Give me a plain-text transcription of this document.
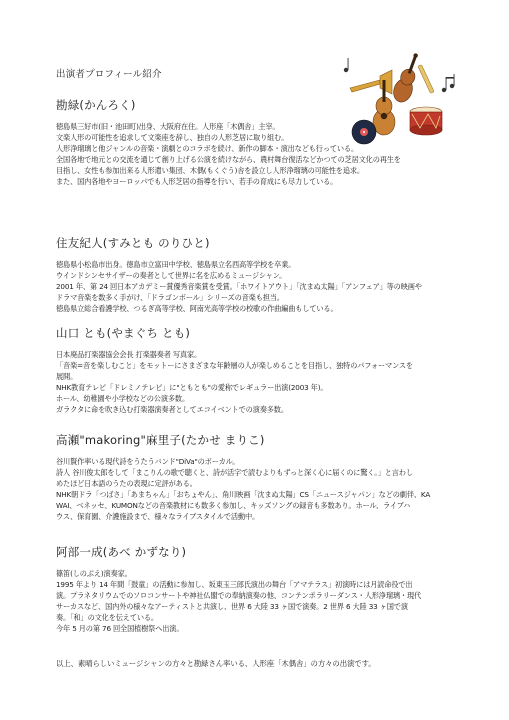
出演者プロフィール紹介
勘緑(かんろく)
徳島県三好市(旧・池田町)出身、大阪府在住。人形座「木偶舎」主宰。
文楽人形の可能性を追求して文楽座を辞し、独自の人形芝居に取り組む。
人形浄瑠璃と他ジャンルの音楽・演劇とのコラボを続け、新作の脚本・演出なども行っている。
全国各地で地元との交流を通じて創り上げる公演を続けながら、農村舞台復活などかつての芝居文化の再生を
目指し、女性も参加出来る人形遣い集団、木偶(もくぐう)舎を設立し人形浄瑠璃の可能性を追求。
また、国内各地やヨーロッパでも人形芝居の指導を行い、若手の育成にも尽力している。
住友紀人(すみとも のりひと)
徳島県小松島市出身。徳島市立富田中学校、徳島県立名西高等学校を卒業。
ウインドシンセサイザーの奏者として世界に名を広めるミュージシャン。
2001 年、第 24 回日本アカデミー賞優秀音楽賞を受賞。「ホワイトアウト」「沈まぬ太陽」「アンフェア」等の映画や
ドラマ音楽を数多く手がけ、「ドラゴンボール」シリーズの音楽も担当。
徳島県立総合看護学校、つるぎ高等学校、阿南光高等学校の校歌の作曲編曲もしている。
山口 とも(やまぐち とも)
日本廃品打楽器協会会長 打楽器奏者 写真家。
「音楽=音を楽しむこと」をモットーにさまざまな年齢層の人が楽しめることを目指し、独特のパフォーマンスを
展開。
NHK教育テレビ「ドレミノテレビ」に"ともとも"の愛称でレギュラー出演(2003 年)。
ホール、幼稚園や小学校などの公演多数。
ガラクタに命を吹き込む打楽器演奏者としてエコイベントでの演奏多数。
高瀬"makoring"麻里子(たかせ まりこ)
谷川賢作率いる現代詩をうたうバンド"DiVa"のボーカル。
詩人 谷川俊太郎をして「まこりんの歌で聴くと、詩が活字で読むよりもずっと深く心に届くのに驚く。」と言わし
めたほど日本語のうたの表現に定評がある。
NHK朝ドラ「つばさ」「あまちゃん」「おちょやん」、角川映画「沈まぬ太陽」CS「ニュースジャパン」などの劇伴、KA
WAI、ベネッセ、KUMONなどの音楽教材にも数多く参加し、キッズソングの録音も多数あり。ホール、ライブハ
ウス、保育園、介護施設まで、様々なライブスタイルで活動中。
阿部一成(あべ かずなり)
篠笛(しのぶえ)演奏家。
1995 年より 14 年間「鼓童」の活動に参加し、坂東玉三郎氏演出の舞台「アマテラス」初演時には月読命役で出
演。プラネタリウムでのソロコンサートや神社仏閣での奉納演奏の他、コンテンポラリーダンス・人形浄瑠璃・現代
サーカスなど、国内外の様々なアーティストと共演し、世界 6 大陸 33 ヶ国で演奏。2 世界 6 大陸 33 ヶ国で演
奏。「和」の文化を伝えている。
今年 5 月の第 76 回全国植樹祭へ出演。
以上、素晴らしいミュージシャンの方々と勘緑さん率いる、人形座「木偶舎」の方々の出演です。
